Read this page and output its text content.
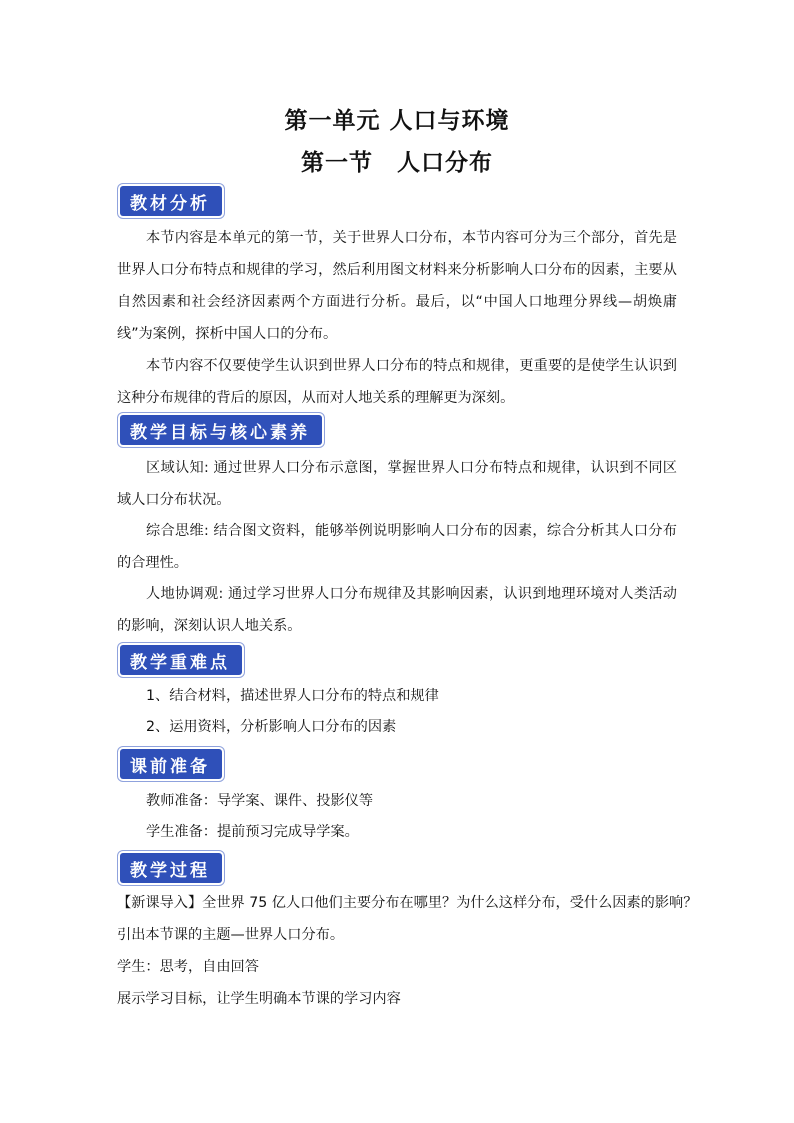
第一单元 人口与环境
第一节 人口分布
教材分析

本节内容是本单元的第一节，关于世界人口分布，本节内容可分为三个部分，首先是世界人口分布特点和规律的学习，然后利用图文材料来分析影响人口分布的因素，主要从自然因素和社会经济因素两个方面进行分析。最后，以“中国人口地理分界线—胡焕庸线”为案例，探析中国人口的分布。

本节内容不仅要使学生认识到世界人口分布的特点和规律，更重要的是使学生认识到这种分布规律的背后的原因，从而对人地关系的理解更为深刻。

教学目标与核心素养

区域认知: 通过世界人口分布示意图，掌握世界人口分布特点和规律，认识到不同区域人口分布状况。

综合思维: 结合图文资料，能够举例说明影响人口分布的因素，综合分析其人口分布的合理性。

人地协调观: 通过学习世界人口分布规律及其影响因素，认识到地理环境对人类活动的影响，深刻认识人地关系。

教学重难点

1、结合材料，描述世界人口分布的特点和规律

2、运用资料，分析影响人口分布的因素

课前准备

教师准备：导学案、课件、投影仪等

学生准备：提前预习完成导学案。

教学过程

【新课导入】全世界 75 亿人口他们主要分布在哪里？为什么这样分布，受什么因素的影响？

引出本节课的主题—世界人口分布。

学生：思考，自由回答

展示学习目标，让学生明确本节课的学习内容
